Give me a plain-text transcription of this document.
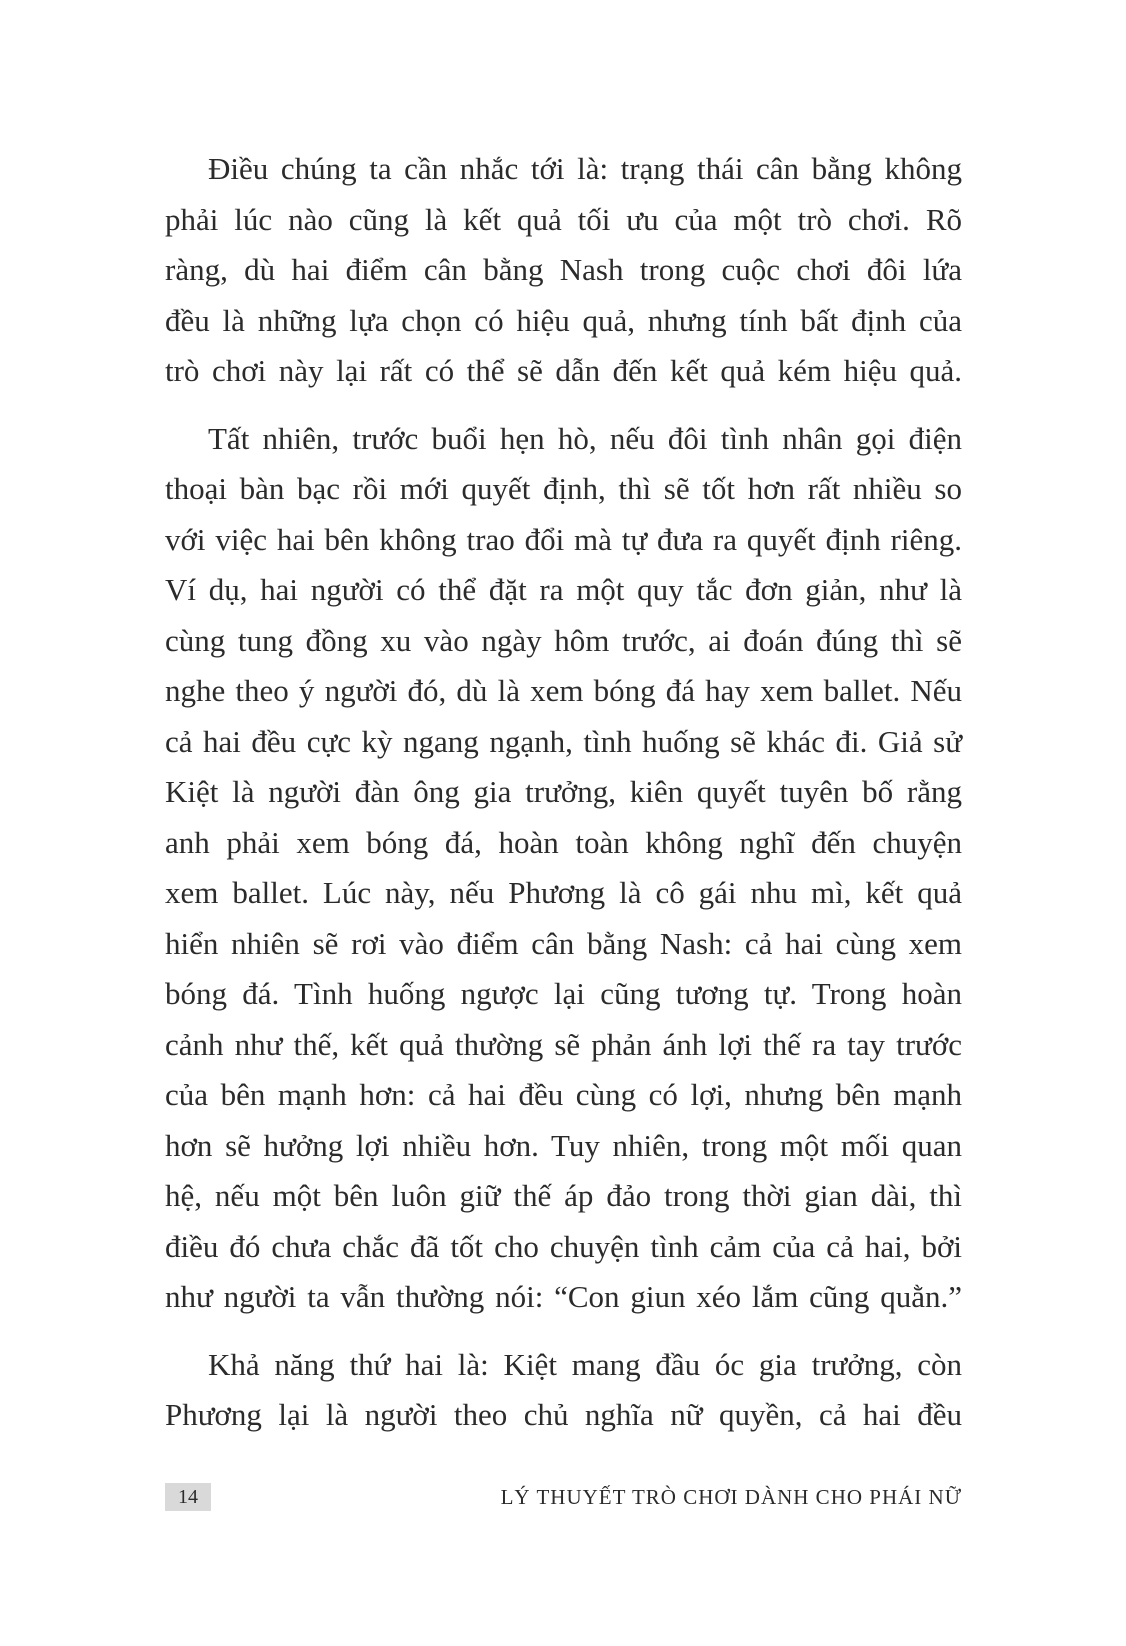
Điều chúng ta cần nhắc tới là: trạng thái cân bằng không
phải lúc nào cũng là kết quả tối ưu của một trò chơi. Rõ
ràng, dù hai điểm cân bằng Nash trong cuộc chơi đôi lứa
đều là những lựa chọn có hiệu quả, nhưng tính bất định của
trò chơi này lại rất có thể sẽ dẫn đến kết quả kém hiệu quả.

Tất nhiên, trước buổi hẹn hò, nếu đôi tình nhân gọi điện
thoại bàn bạc rồi mới quyết định, thì sẽ tốt hơn rất nhiều so
với việc hai bên không trao đổi mà tự đưa ra quyết định riêng.
Ví dụ, hai người có thể đặt ra một quy tắc đơn giản, như là
cùng tung đồng xu vào ngày hôm trước, ai đoán đúng thì sẽ
nghe theo ý người đó, dù là xem bóng đá hay xem ballet. Nếu
cả hai đều cực kỳ ngang ngạnh, tình huống sẽ khác đi. Giả sử
Kiệt là người đàn ông gia trưởng, kiên quyết tuyên bố rằng
anh phải xem bóng đá, hoàn toàn không nghĩ đến chuyện
xem ballet. Lúc này, nếu Phương là cô gái nhu mì, kết quả
hiển nhiên sẽ rơi vào điểm cân bằng Nash: cả hai cùng xem
bóng đá. Tình huống ngược lại cũng tương tự. Trong hoàn
cảnh như thế, kết quả thường sẽ phản ánh lợi thế ra tay trước
của bên mạnh hơn: cả hai đều cùng có lợi, nhưng bên mạnh
hơn sẽ hưởng lợi nhiều hơn. Tuy nhiên, trong một mối quan
hệ, nếu một bên luôn giữ thế áp đảo trong thời gian dài, thì
điều đó chưa chắc đã tốt cho chuyện tình cảm của cả hai, bởi
như người ta vẫn thường nói: “Con giun xéo lắm cũng quằn.”

Khả năng thứ hai là: Kiệt mang đầu óc gia trưởng, còn
Phương lại là người theo chủ nghĩa nữ quyền, cả hai đều

14	LÝ THUYẾT TRÒ CHƠI DÀNH CHO PHÁI NỮ
